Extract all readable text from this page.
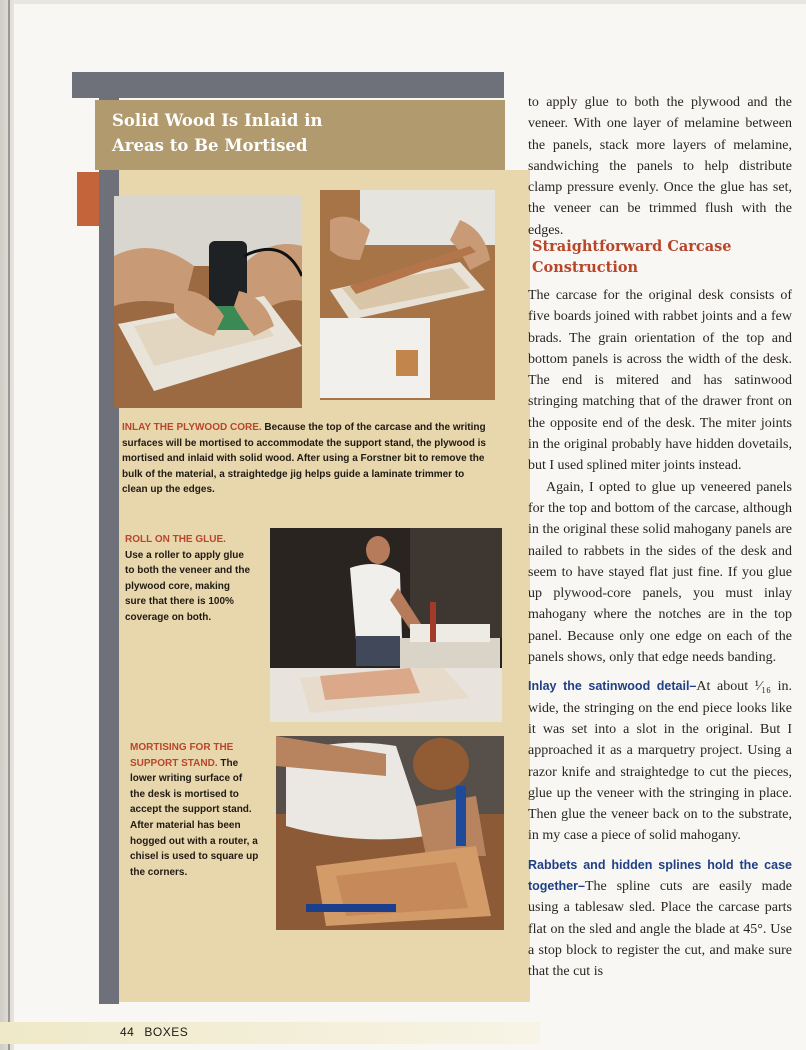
Solid Wood Is Inlaid in
Areas to Be Mortised

INLAY THE PLYWOOD CORE. Because the top of the carcase and the writing surfaces will be mortised to accommodate the support stand, the plywood is mortised and inlaid with solid wood. After using a Forstner bit to remove the bulk of the material, a straightedge jig helps guide a laminate trimmer to clean up the edges.

ROLL ON THE GLUE.
Use a roller to apply glue to both the veneer and the plywood core, making sure that there is 100% coverage on both.

MORTISING FOR THE SUPPORT STAND. The lower writing surface of the desk is mortised to accept the support stand. After material has been hogged out with a router, a chisel is used to square up the corners.

to apply glue to both the plywood and the veneer. With one layer of melamine between the panels, stack more layers of melamine, sandwiching the panels to help distribute clamp pressure evenly. Once the glue has set, the veneer can be trimmed flush with the edges.

Straightforward Carcase Construction

The carcase for the original desk consists of five boards joined with rabbet joints and a few brads. The grain orientation of the top and bottom panels is across the width of the desk. The end is mitered and has satinwood stringing matching that of the drawer front on the opposite end of the desk. The miter joints in the original probably have hidden dovetails, but I used splined miter joints instead.

Again, I opted to glue up veneered panels for the top and bottom of the carcase, although in the original these solid mahogany panels are nailed to rabbets in the sides of the desk and seem to have stayed flat just fine. If you glue up plywood-core panels, you must inlay mahogany where the notches are in the top panel. Because only one edge on each of the panels shows, only that edge needs banding.

Inlay the satinwood detail–At about ¹⁄₁₆ in. wide, the stringing on the end piece looks like it was set into a slot in the original. But I approached it as a marquetry project. Using a razor knife and straightedge to cut the pieces, glue up the veneer with the stringing in place. Then glue the veneer back on to the substrate, in my case a piece of solid mahogany.

Rabbets and hidden splines hold the case together–The spline cuts are easily made using a tablesaw sled. Place the carcase parts flat on the sled and angle the blade at 45°. Use a stop block to register the cut, and make sure that the cut is

44 BOXES
